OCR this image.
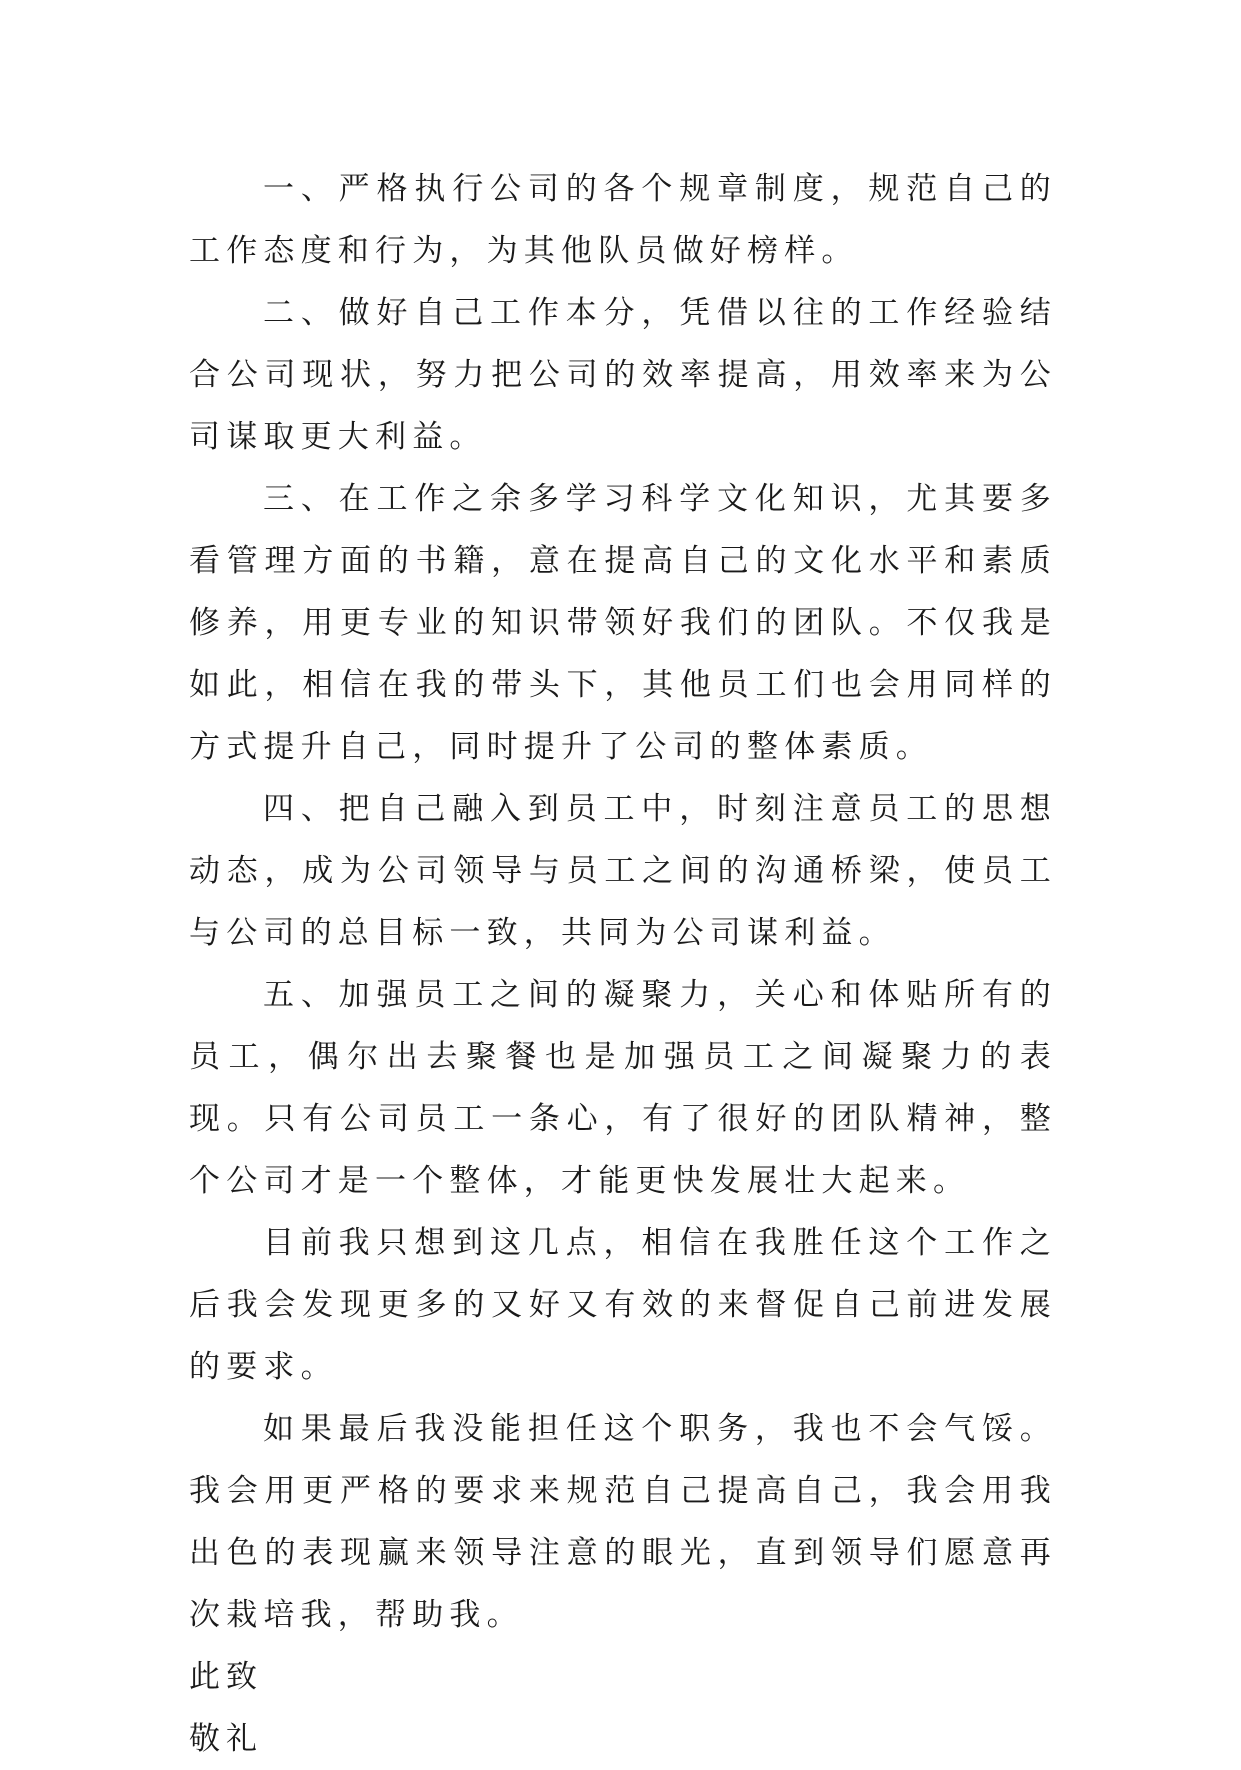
一、严格执行公司的各个规章制度，规范自己的工作态度和行为，为其他队员做好榜样。

二、做好自己工作本分，凭借以往的工作经验结合公司现状，努力把公司的效率提高，用效率来为公司谋取更大利益。

三、在工作之余多学习科学文化知识，尤其要多看管理方面的书籍，意在提高自己的文化水平和素质修养，用更专业的知识带领好我们的团队。不仅我是如此，相信在我的带头下，其他员工们也会用同样的方式提升自己，同时提升了公司的整体素质。

四、把自己融入到员工中，时刻注意员工的思想动态，成为公司领导与员工之间的沟通桥梁，使员工与公司的总目标一致，共同为公司谋利益。

五、加强员工之间的凝聚力，关心和体贴所有的员工，偶尔出去聚餐也是加强员工之间凝聚力的表现。只有公司员工一条心，有了很好的团队精神，整个公司才是一个整体，才能更快发展壮大起来。

目前我只想到这几点，相信在我胜任这个工作之后我会发现更多的又好又有效的来督促自己前进发展的要求。

如果最后我没能担任这个职务，我也不会气馁。我会用更严格的要求来规范自己提高自己，我会用我出色的表现赢来领导注意的眼光，直到领导们愿意再次栽培我，帮助我。

此致

敬礼
